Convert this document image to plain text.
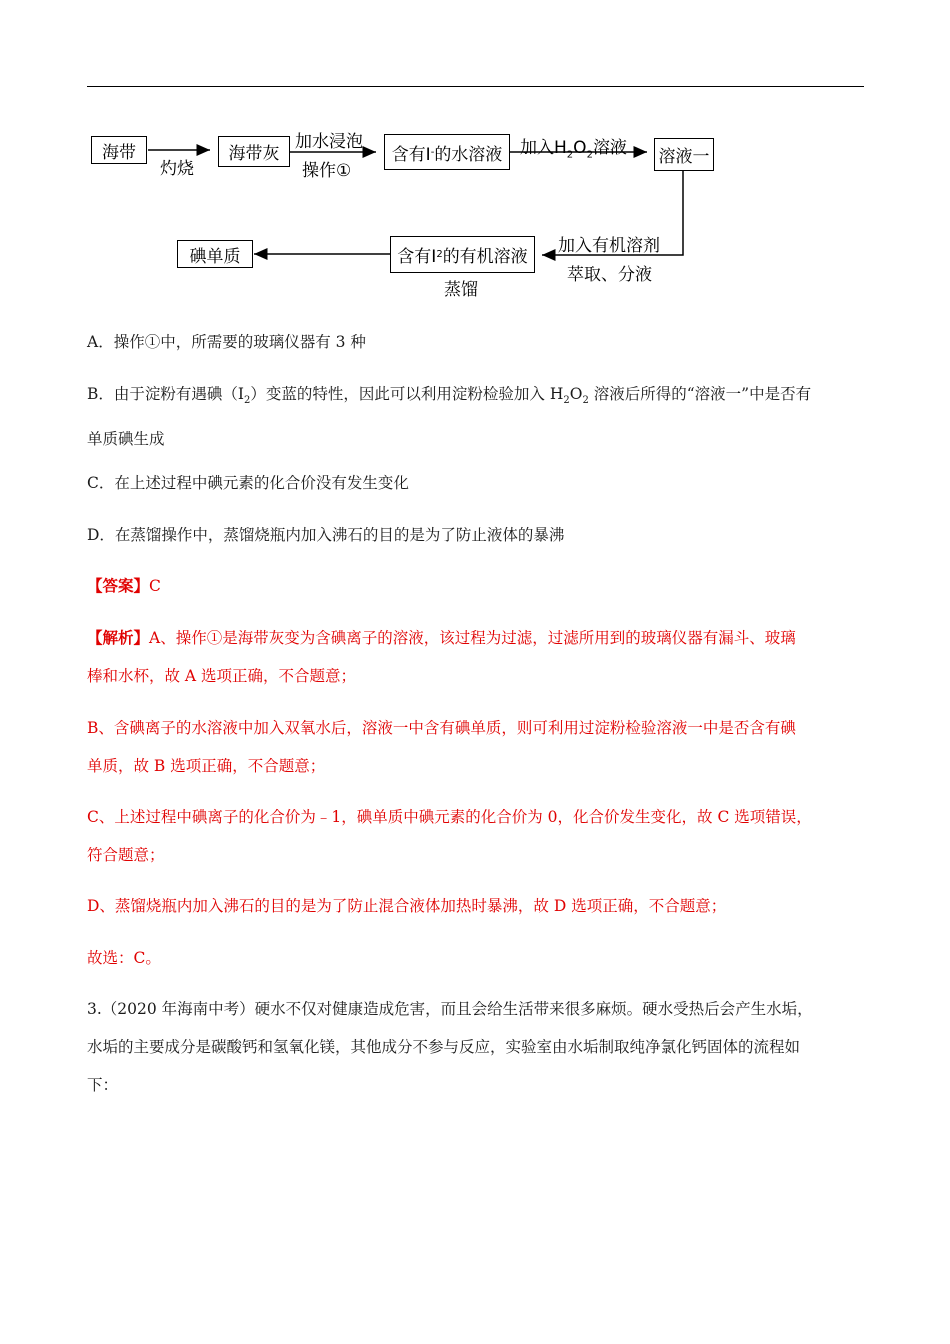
海带	海带灰	含有I - 的水溶液	溶液一
含有I 2 的有机溶液
碘单质
灼烧
加水浸泡
操作①
加入$H_2O_2$溶液
加入有机溶剂
萃取、分液
蒸馏
A．操作①中，所需要的玻璃仪器有 3 种
B．由于淀粉有遇碘$(I_2)$变蓝的特性，因此可以利用淀粉检验加入 $H_2O_2$ 溶液后所得的“溶液一”中是否有
单质碘生成
C．在上述过程中碘元素的化合价没有发生变化
D．在蒸馏操作中，蒸馏烧瓶内加入沸石的目的是为了防止液体的暴沸
【答案】C
【解析】A、操作①是海带灰变为含碘离子的溶液，该过程为过滤，过滤所用到的玻璃仪器有漏斗、玻璃
棒和水杯，故 A 选项正确，不合题意；
B、含碘离子的水溶液中加入双氧水后，溶液一中含有碘单质，则可利用过淀粉检验溶液一中是否含有碘
单质，故 B 选项正确，不合题意；
C、上述过程中碘离子的化合价为﹣1，碘单质中碘元素的化合价为 0，化合价发生变化，故 C 选项错误，
符合题意；
D、蒸馏烧瓶内加入沸石的目的是为了防止混合液体加热时暴沸，故 D 选项正确，不合题意；
故选：C。
3.（2020 年海南中考）硬水不仅对健康造成危害，而且会给生活带来很多麻烦。硬水受热后会产生水垢，
水垢的主要成分是碳酸钙和氢氧化镁，其他成分不参与反应，实验室由水垢制取纯净氯化钙固体的流程如
下：
